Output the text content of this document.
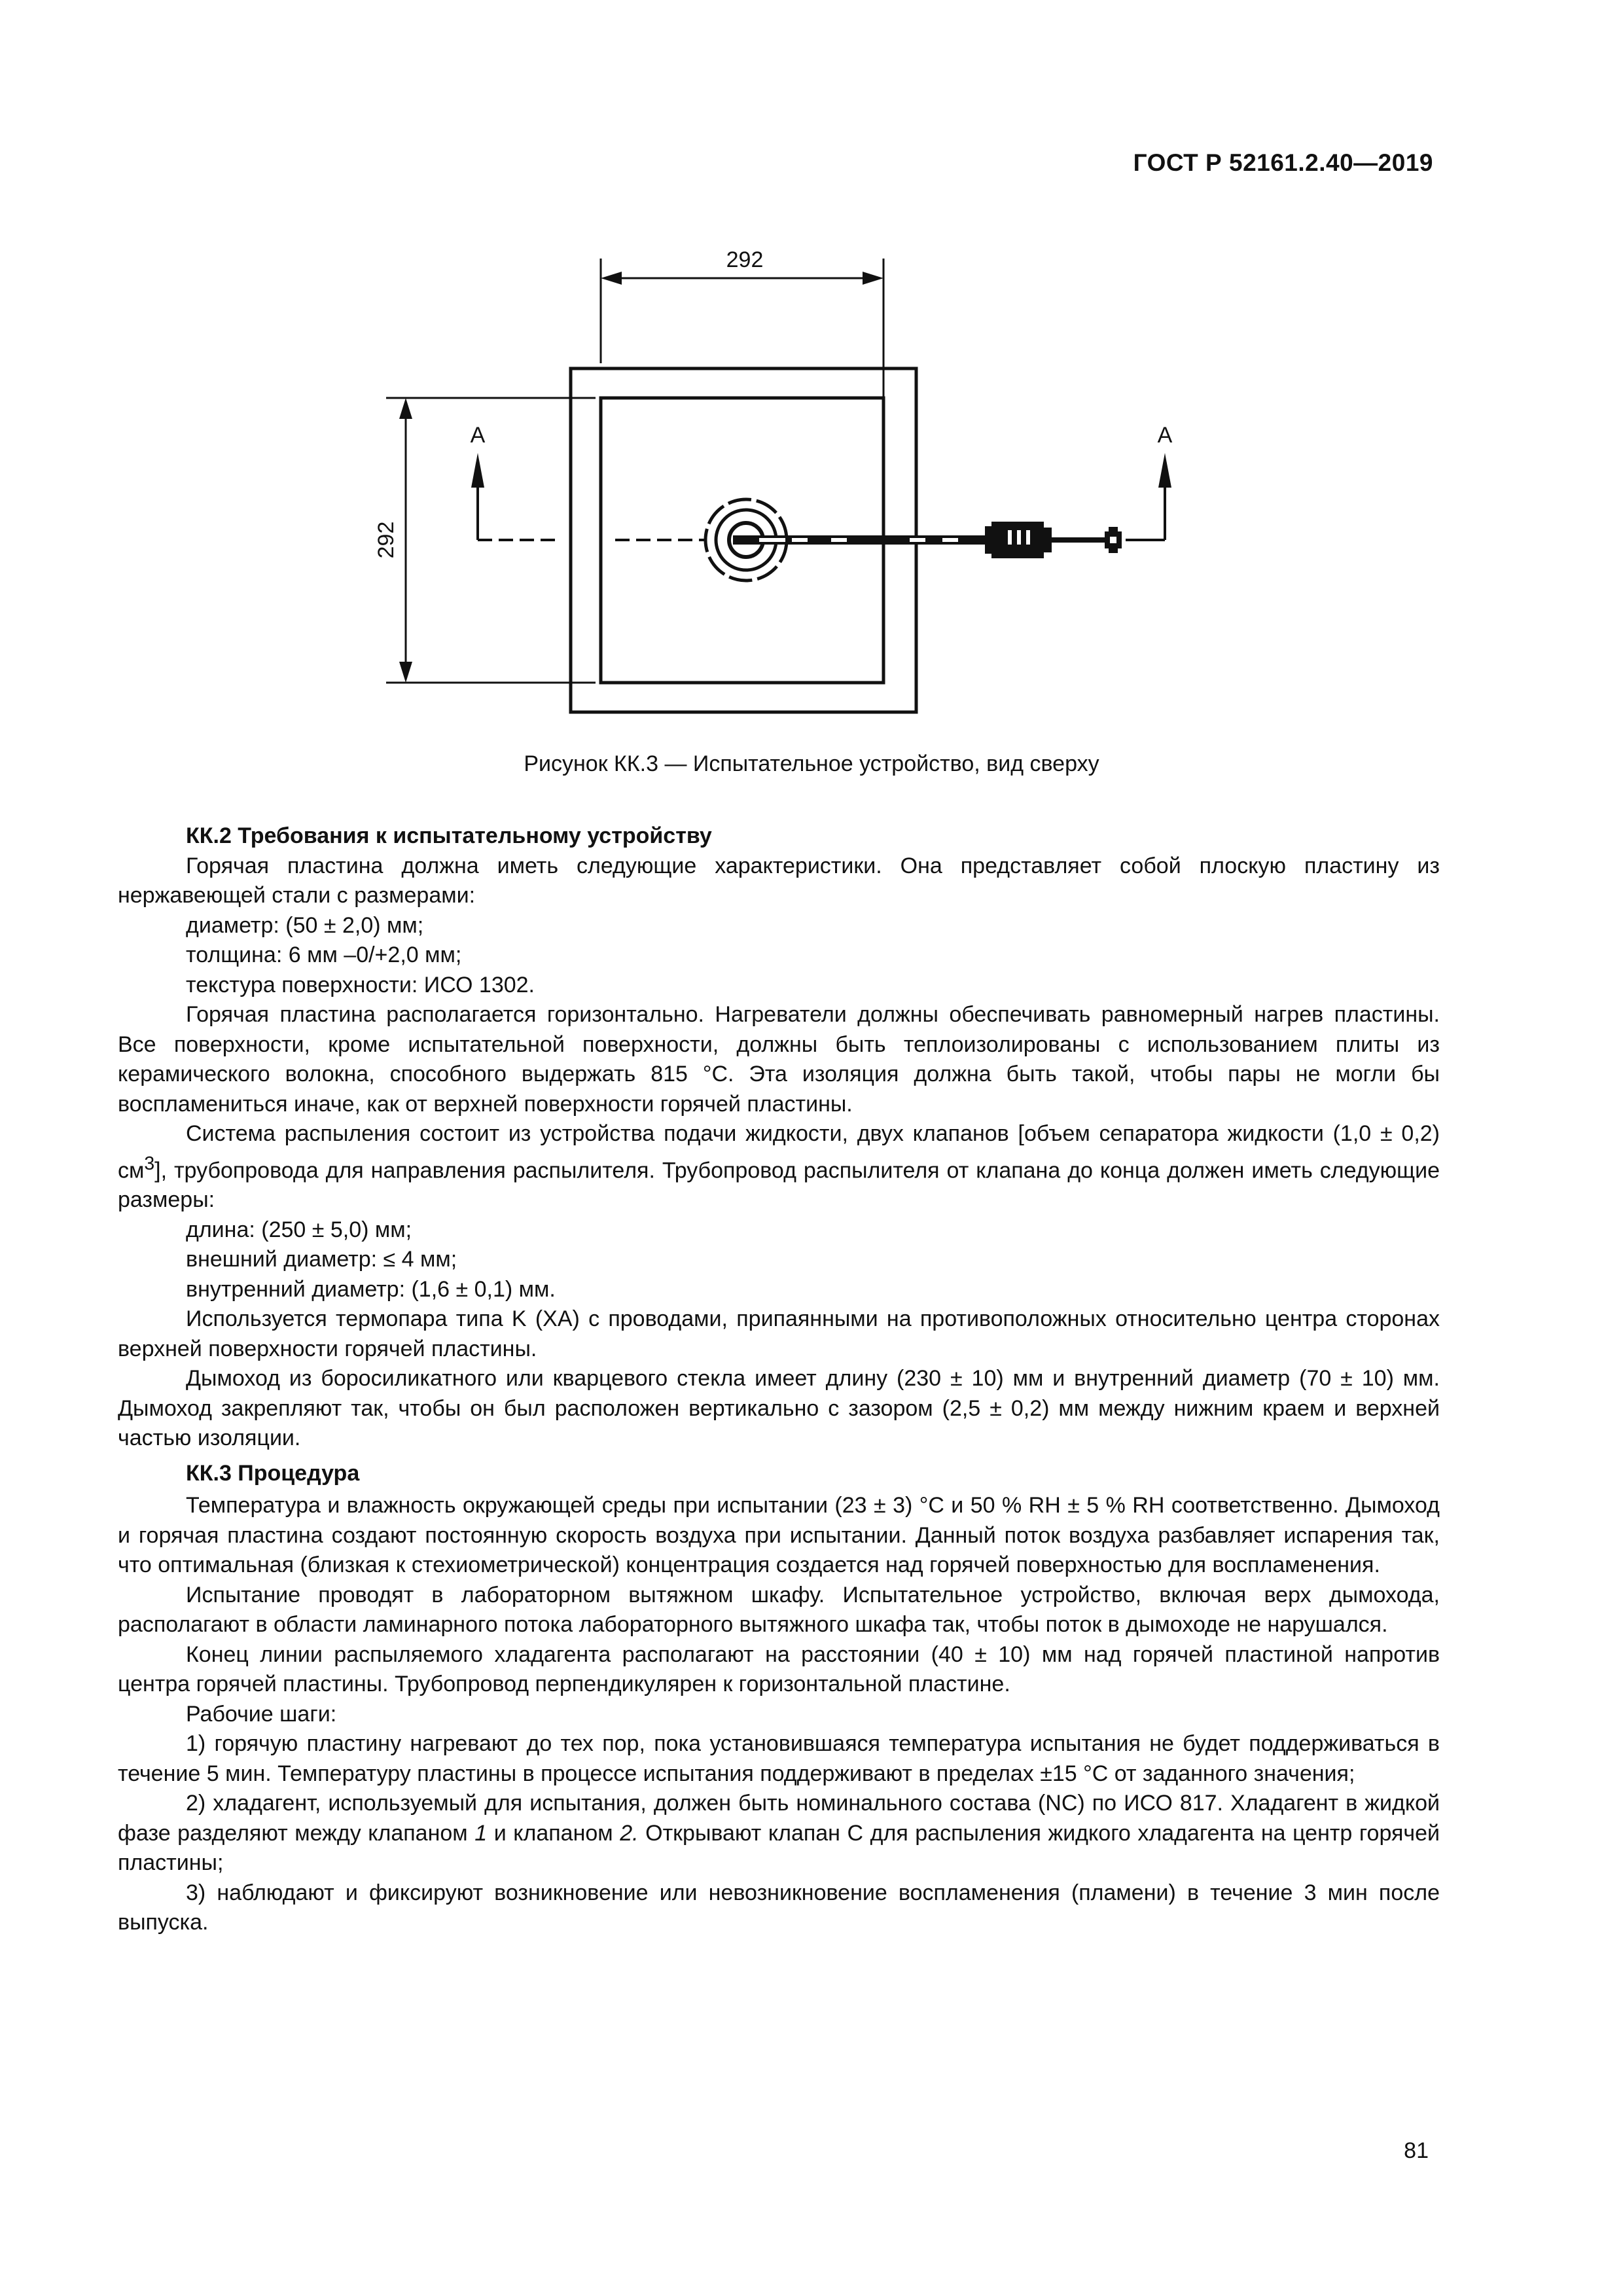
ГОСТ Р 52161.2.40—2019
292
292
А	А
Рисунок КК.3 — Испытательное устройство, вид сверху
КК.2 Требования к испытательному устройству

Горячая пластина должна иметь следующие характеристики. Она представляет собой плоскую пластину из нержавеющей стали с размерами:

диаметр: (50 ± 2,0) мм;

толщина: 6 мм –0/+2,0 мм;

текстура поверхности: ИСО 1302.

Горячая пластина располагается горизонтально. Нагреватели должны обеспечивать равномерный нагрев пластины. Все поверхности, кроме испытательной поверхности, должны быть теплоизолированы с использованием плиты из керамического волокна, способного выдержать 815 °С. Эта изоляция должна быть такой, чтобы пары не могли бы воспламениться иначе, как от верхней поверхности горячей пластины.

Система распыления состоит из устройства подачи жидкости, двух клапанов [объем сепаратора жидкости (1,0 ± 0,2) $см^3$], трубопровода для направления распылителя. Трубопровод распылителя от клапана до конца должен иметь следующие размеры:

длина: (250 ± 5,0) мм;

внешний диаметр: ≤ 4 мм;

внутренний диаметр: (1,6 ± 0,1) мм.

Используется термопара типа K (XA) с проводами, припаянными на противоположных относительно центра сторонах верхней поверхности горячей пластины.

Дымоход из боросиликатного или кварцевого стекла имеет длину (230 ± 10) мм и внутренний диаметр (70 ± 10) мм. Дымоход закрепляют так, чтобы он был расположен вертикально с зазором (2,5 ± 0,2) мм между нижним краем и верхней частью изоляции.

КК.3 Процедура

Температура и влажность окружающей среды при испытании (23 ± 3) °С и 50 % RH ± 5 % RH соответственно. Дымоход и горячая пластина создают постоянную скорость воздуха при испытании. Данный поток воздуха разбавляет испарения так, что оптимальная (близкая к стехиометрической) концентрация создается над горячей поверхностью для воспламенения.

Испытание проводят в лабораторном вытяжном шкафу. Испытательное устройство, включая верх дымохода, располагают в области ламинарного потока лабораторного вытяжного шкафа так, чтобы поток в дымоходе не нарушался.

Конец линии распыляемого хладагента располагают на расстоянии (40 ± 10) мм над горячей пластиной напротив центра горячей пластины. Трубопровод перпендикулярен к горизонтальной пластине.

Рабочие шаги:

1) горячую пластину нагревают до тех пор, пока установившаяся температура испытания не будет поддерживаться в течение 5 мин. Температуру пластины в процессе испытания поддерживают в пределах ±15 °С от заданного значения;

2) хладагент, используемый для испытания, должен быть номинального состава (NC) по ИСО 817. Хладагент в жидкой фазе разделяют между клапаном 1 и клапаном 2. Открывают клапан С для распыления жидкого хладагента на центр горячей пластины;

3) наблюдают и фиксируют возникновение или невозникновение воспламенения (пламени) в течение 3 мин после выпуска.

81
